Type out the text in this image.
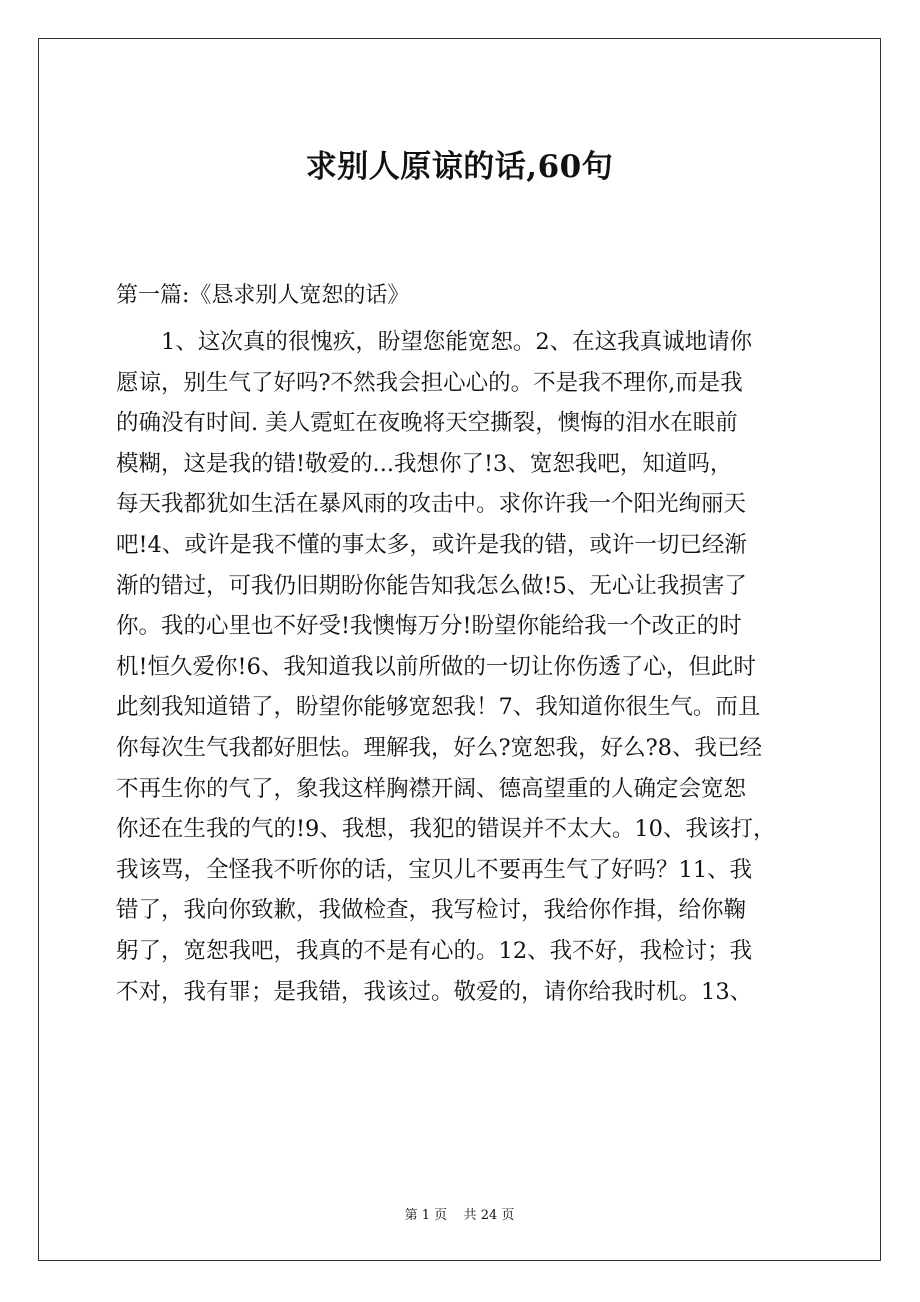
求别人原谅的话,60句
第一篇:《恳求别人宽恕的话》
1、这次真的很愧疚，盼望您能宽恕。2、在这我真诚地请你
愿谅，别生气了好吗?不然我会担心心的。不是我不理你,而是我
的确没有时间. 美人霓虹在夜晚将天空撕裂，懊悔的泪水在眼前
模糊，这是我的错!敬爱的...我想你了!3、宽恕我吧，知道吗，
每天我都犹如生活在暴风雨的攻击中。求你许我一个阳光绚丽天
吧!4、或许是我不懂的事太多，或许是我的错，或许一切已经渐
渐的错过，可我仍旧期盼你能告知我怎么做!5、无心让我损害了
你。我的心里也不好受!我懊悔万分!盼望你能给我一个改正的时
机!恒久爱你!6、我知道我以前所做的一切让你伤透了心，但此时
此刻我知道错了，盼望你能够宽恕我！7、我知道你很生气。而且
你每次生气我都好胆怯。理解我，好么?宽恕我，好么?8、我已经
不再生你的气了，象我这样胸襟开阔、德高望重的人确定会宽恕
你还在生我的气的!9、我想，我犯的错误并不太大。10、我该打，
我该骂，全怪我不听你的话，宝贝儿不要再生气了好吗？11、我
错了，我向你致歉，我做检查，我写检讨，我给你作揖，给你鞠
躬了，宽恕我吧，我真的不是有心的。12、我不好，我检讨；我
不对，我有罪；是我错，我该过。敬爱的，请你给我时机。13、
第 1 页    共 24 页
